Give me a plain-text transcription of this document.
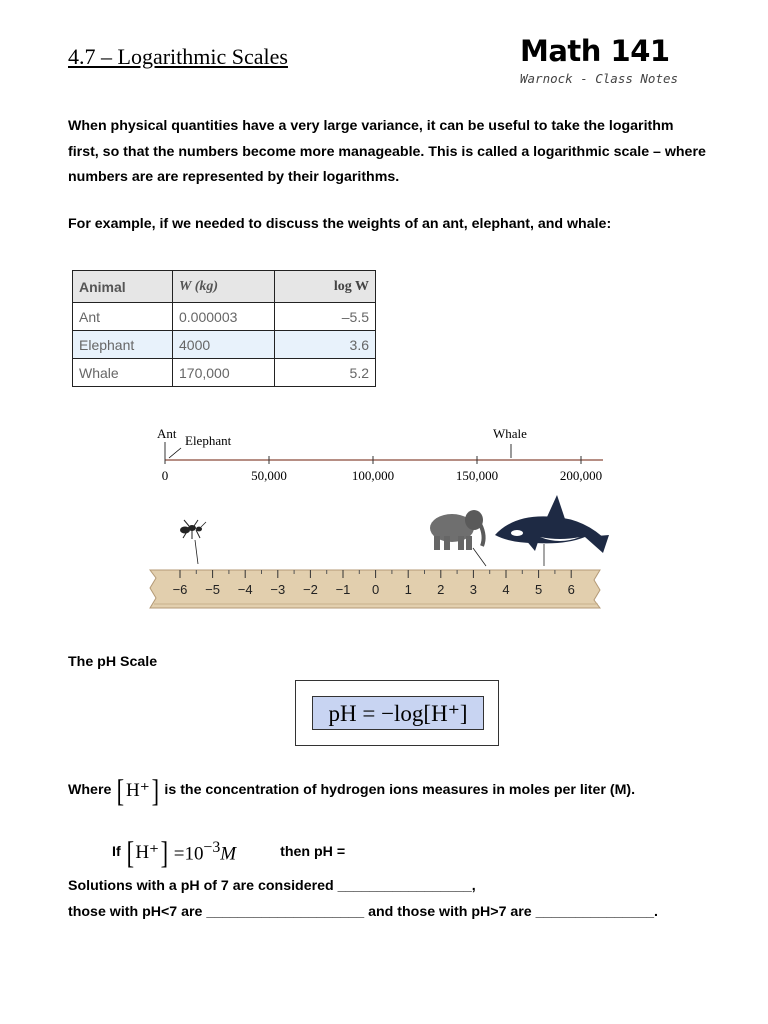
4.7 – Logarithmic Scales	Math 141
Warnock - Class Notes
When physical quantities have a very large variance, it can be useful to take the logarithm first, so that the numbers become more manageable. This is called a logarithmic scale – where numbers are are represented by their logarithms.
For example, if we needed to discuss the weights of an ant, elephant, and whale:
Animal	W (kg)	log W
Ant	0.000003	–5.5
Elephant	4000	3.6
Whale	170,000	5.2
Ant Elephant	Whale
0	50,000	100,000	150,000	200,000
−6 −5 −4 −3 −2 −1 0 1 2 3 4 5 6
The pH Scale
pH = −log[H⁺]
Where [ H⁺ ] is the concentration of hydrogen ions measures in moles per liter (M).
If [ H⁺ ] $=10^{-3}M$	then pH =
Solutions with a pH of 7 are considered _________________,
those with pH<7 are ____________________ and those with pH>7 are _______________.
